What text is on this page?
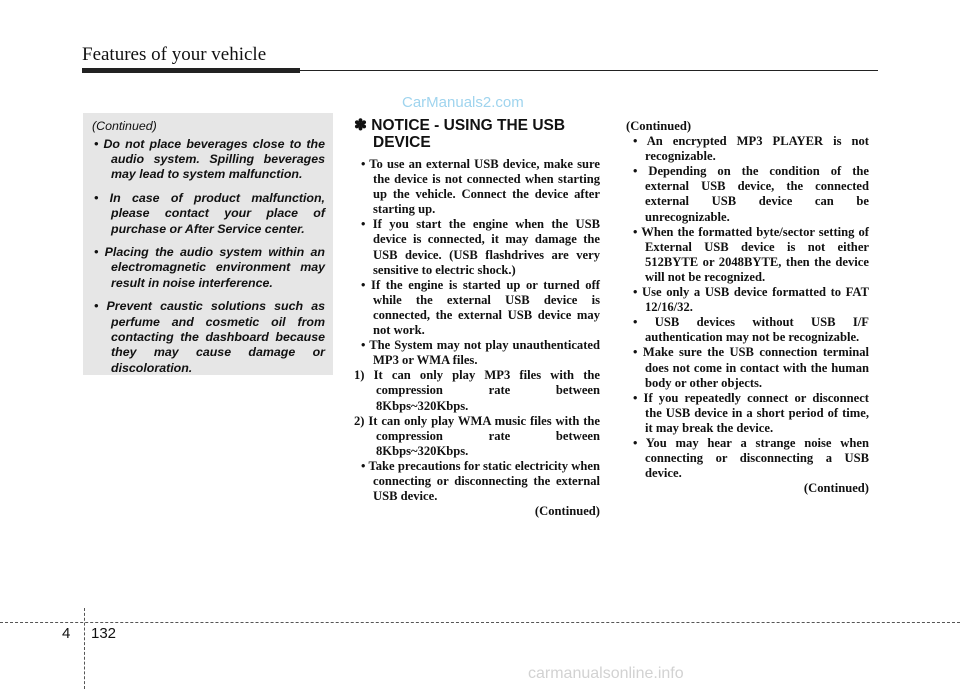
Features of your vehicle
CarManuals2.com
(Continued)
• Do not place beverages close to the audio system. Spilling beverages may lead to system malfunction.
• In case of product malfunction, please contact your place of purchase or After Service center.
• Placing the audio system within an electromagnetic environment may result in noise interference.
• Prevent caustic solutions such as perfume and cosmetic oil from contacting the dashboard because they may cause damage or discoloration.
✽ NOTICE - USING THE USB DEVICE
• To use an external USB device, make sure the device is not connected when starting up the vehicle. Connect the device after starting up.
• If you start the engine when the USB device is connected, it may damage the USB device. (USB flashdrives are very sensitive to electric shock.)
• If the engine is started up or turned off while the external USB device is connected, the external USB device may not work.
• The System may not play unauthenticated MP3 or WMA files.
1) It can only play MP3 files with the compression rate between 8Kbps~320Kbps.
2) It can only play WMA music files with the compression rate between 8Kbps~320Kbps.
• Take precautions for static electricity when connecting or disconnecting the external USB device.
(Continued)
(Continued)
• An encrypted MP3 PLAYER is not recognizable.
• Depending on the condition of the external USB device, the connected external USB device can be unrecognizable.
• When the formatted byte/sector setting of External USB device is not either 512BYTE or 2048BYTE, then the device will not be recognized.
• Use only a USB device formatted to FAT 12/16/32.
• USB devices without USB I/F authentication may not be recognizable.
• Make sure the USB connection terminal does not come in contact with the human body or other objects.
• If you repeatedly connect or disconnect the USB device in a short period of time, it may break the device.
• You may hear a strange noise when connecting or disconnecting a USB device.
(Continued)
4 132
carmanualsonline.info
